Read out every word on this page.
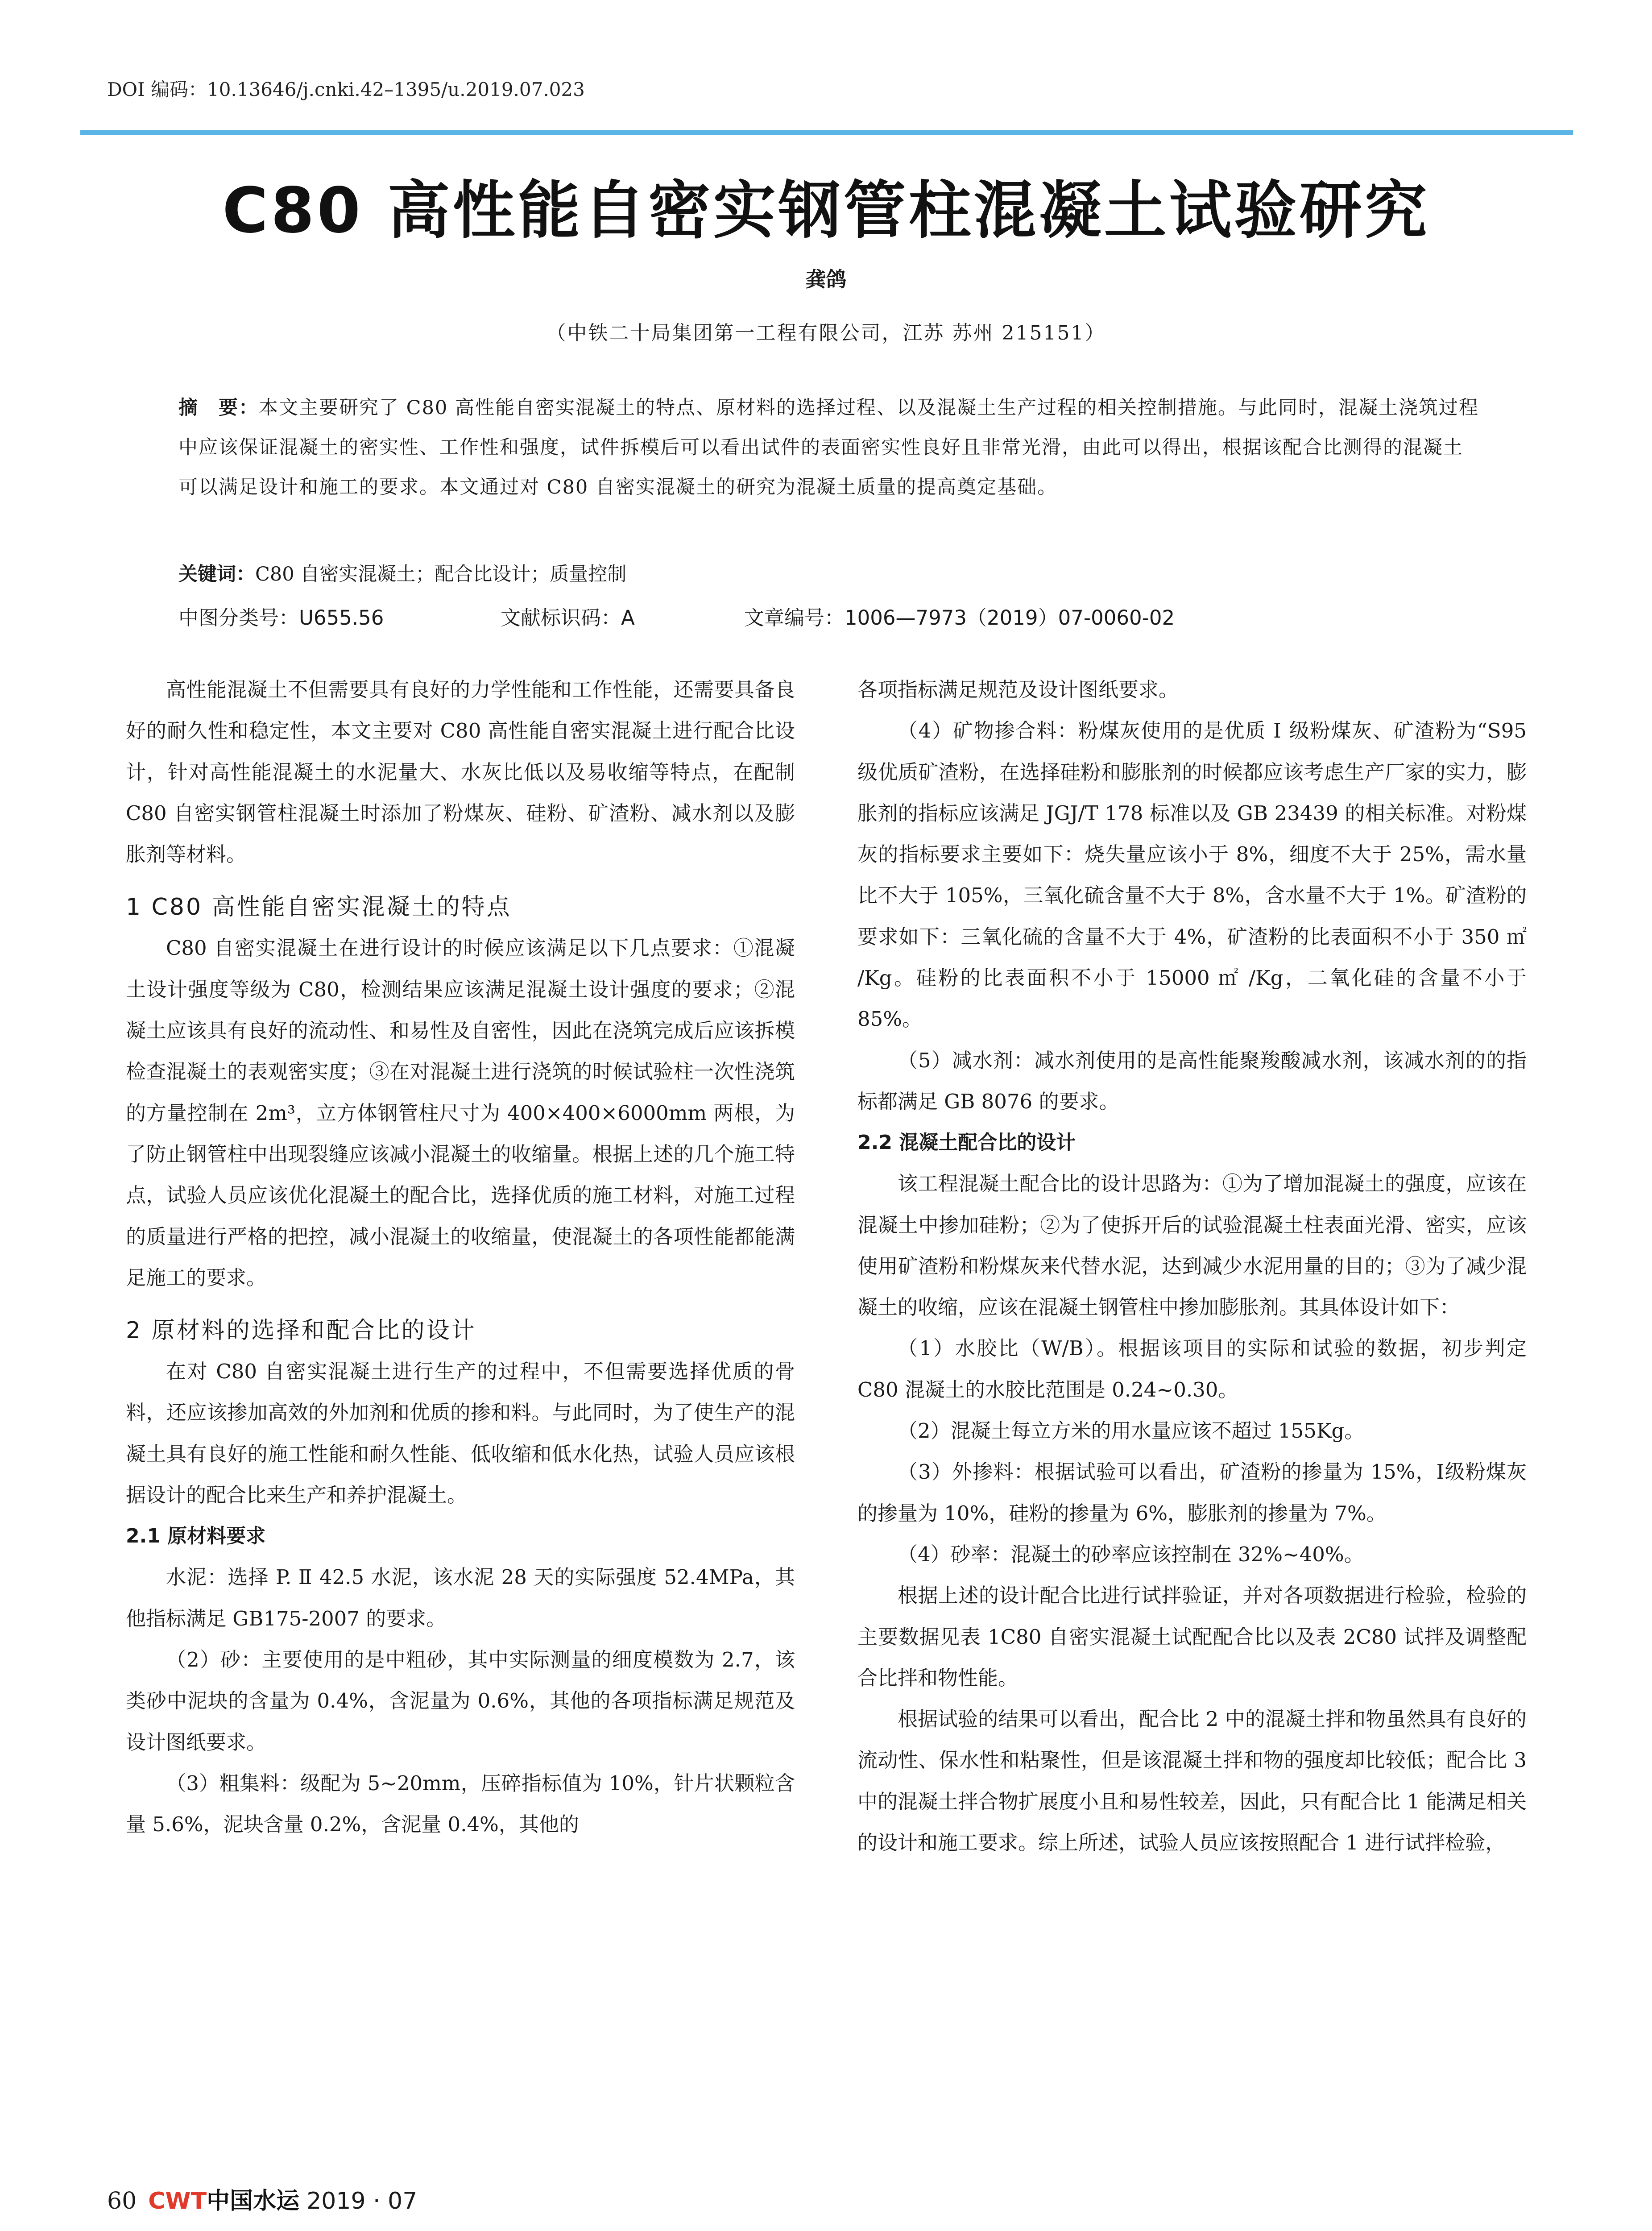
DOI 编码：10.13646/j.cnki.42–1395/u.2019.07.023
C80 高性能自密实钢管柱混凝土试验研究
龚鸽
（中铁二十局集团第一工程有限公司，江苏 苏州 215151）
摘　要：本文主要研究了 C80 高性能自密实混凝土的特点、原材料的选择过程、以及混凝土生产过程的相关控制措施。与此同时，混凝土浇筑过程中应该保证混凝土的密实性、工作性和强度，试件拆模后可以看出试件的表面密实性良好且非常光滑，由此可以得出，根据该配合比测得的混凝土可以满足设计和施工的要求。本文通过对 C80 自密实混凝土的研究为混凝土质量的提高奠定基础。
关键词：C80 自密实混凝土；配合比设计；质量控制
中图分类号：U655.56	文献标识码：A	文章编号：1006—7973（2019）07-0060-02

高性能混凝土不但需要具有良好的力学性能和工作性能，还需要具备良好的耐久性和稳定性，本文主要对 C80 高性能自密实混凝土进行配合比设计，针对高性能混凝土的水泥量大、水灰比低以及易收缩等特点，在配制 C80 自密实钢管柱混凝土时添加了粉煤灰、硅粉、矿渣粉、减水剂以及膨胀剂等材料。

1 C80 高性能自密实混凝土的特点

C80 自密实混凝土在进行设计的时候应该满足以下几点要求：①混凝土设计强度等级为 C80，检测结果应该满足混凝土设计强度的要求；②混凝土应该具有良好的流动性、和易性及自密性，因此在浇筑完成后应该拆模检查混凝土的表观密实度；③在对混凝土进行浇筑的时候试验柱一次性浇筑的方量控制在 2m³，立方体钢管柱尺寸为 400×400×6000mm 两根，为了防止钢管柱中出现裂缝应该减小混凝土的收缩量。根据上述的几个施工特点，试验人员应该优化混凝土的配合比，选择优质的施工材料，对施工过程的质量进行严格的把控，减小混凝土的收缩量，使混凝土的各项性能都能满足施工的要求。

2 原材料的选择和配合比的设计

在对 C80 自密实混凝土进行生产的过程中，不但需要选择优质的骨料，还应该掺加高效的外加剂和优质的掺和料。与此同时，为了使生产的混凝土具有良好的施工性能和耐久性能、低收缩和低水化热，试验人员应该根据设计的配合比来生产和养护混凝土。

2.1 原材料要求

水泥：选择 P. Ⅱ 42.5 水泥，该水泥 28 天的实际强度 52.4MPa，其他指标满足 GB175-2007 的要求。

（2）砂：主要使用的是中粗砂，其中实际测量的细度模数为 2.7，该类砂中泥块的含量为 0.4%，含泥量为 0.6%，其他的各项指标满足规范及设计图纸要求。

（3）粗集料：级配为 5~20mm，压碎指标值为 10%，针片状颗粒含量 5.6%，泥块含量 0.2%，含泥量 0.4%，其他的

各项指标满足规范及设计图纸要求。

（4）矿物掺合料：粉煤灰使用的是优质 Ⅰ 级粉煤灰、矿渣粉为“S95 级优质矿渣粉，在选择硅粉和膨胀剂的时候都应该考虑生产厂家的实力，膨胀剂的指标应该满足 JGJ/T 178 标准以及 GB 23439 的相关标准。对粉煤灰的指标要求主要如下：烧失量应该小于 8%，细度不大于 25%，需水量比不大于 105%，三氧化硫含量不大于 8%，含水量不大于 1%。矿渣粉的要求如下：三氧化硫的含量不大于 4%，矿渣粉的比表面积不小于 350 ㎡ /Kg。硅粉的比表面积不小于 15000 ㎡ /Kg，二氧化硅的含量不小于 85%。

（5）减水剂：减水剂使用的是高性能聚羧酸减水剂，该减水剂的的指标都满足 GB 8076 的要求。

2.2 混凝土配合比的设计

该工程混凝土配合比的设计思路为：①为了增加混凝土的强度，应该在混凝土中掺加硅粉；②为了使拆开后的试验混凝土柱表面光滑、密实，应该使用矿渣粉和粉煤灰来代替水泥，达到减少水泥用量的目的；③为了减少混凝土的收缩，应该在混凝土钢管柱中掺加膨胀剂。其具体设计如下：

（1）水胶比（W/B）。根据该项目的实际和试验的数据，初步判定 C80 混凝土的水胶比范围是 0.24~0.30。

（2）混凝土每立方米的用水量应该不超过 155Kg。

（3）外掺料：根据试验可以看出，矿渣粉的掺量为 15%，Ⅰ级粉煤灰的掺量为 10%，硅粉的掺量为 6%，膨胀剂的掺量为 7%。

（4）砂率：混凝土的砂率应该控制在 32%~40%。

根据上述的设计配合比进行试拌验证，并对各项数据进行检验，检验的主要数据见表 1C80 自密实混凝土试配配合比以及表 2C80 试拌及调整配合比拌和物性能。

根据试验的结果可以看出，配合比 2 中的混凝土拌和物虽然具有良好的流动性、保水性和粘聚性，但是该混凝土拌和物的强度却比较低；配合比 3 中的混凝土拌合物扩展度小且和易性较差，因此，只有配合比 1 能满足相关的设计和施工要求。综上所述，试验人员应该按照配合 1 进行试拌检验，

60 CWT中国水运 2019 · 07
